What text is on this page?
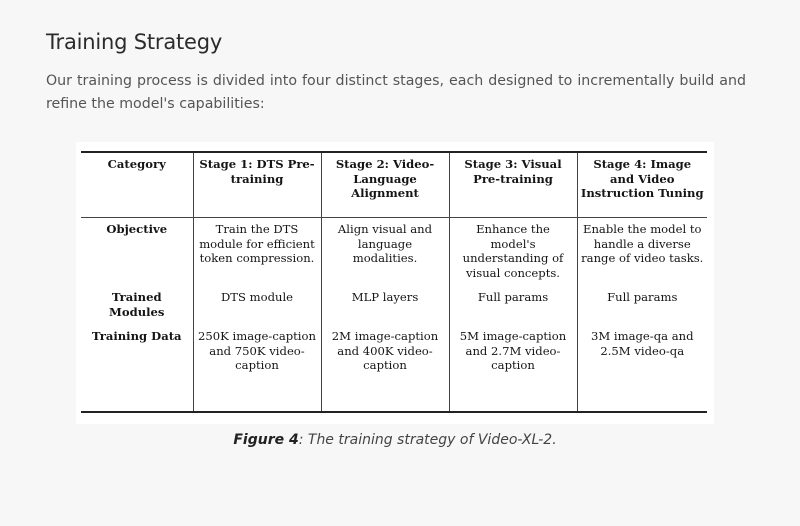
Training Strategy

Our training process is divided into four distinct stages, each designed to incrementally build and refine the model's capabilities:

Category	Stage 1: DTS Pre-training	Stage 2: Video-Language Alignment	Stage 3: Visual Pre-training	Stage 4: Image and Video Instruction Tuning
Objective	Train the DTS module for efficient token compression.	Align visual and language modalities.	Enhance the model's understanding of visual concepts.	Enable the model to handle a diverse range of video tasks.
Trained Modules	DTS module	MLP layers	Full params	Full params
Training Data	250K image-caption and 750K video-caption	2M image-caption and 400K video-caption	5M image-caption and 2.7M video-caption	3M image-qa and 2.5M video-qa
Figure 4: The training strategy of Video-XL-2.
